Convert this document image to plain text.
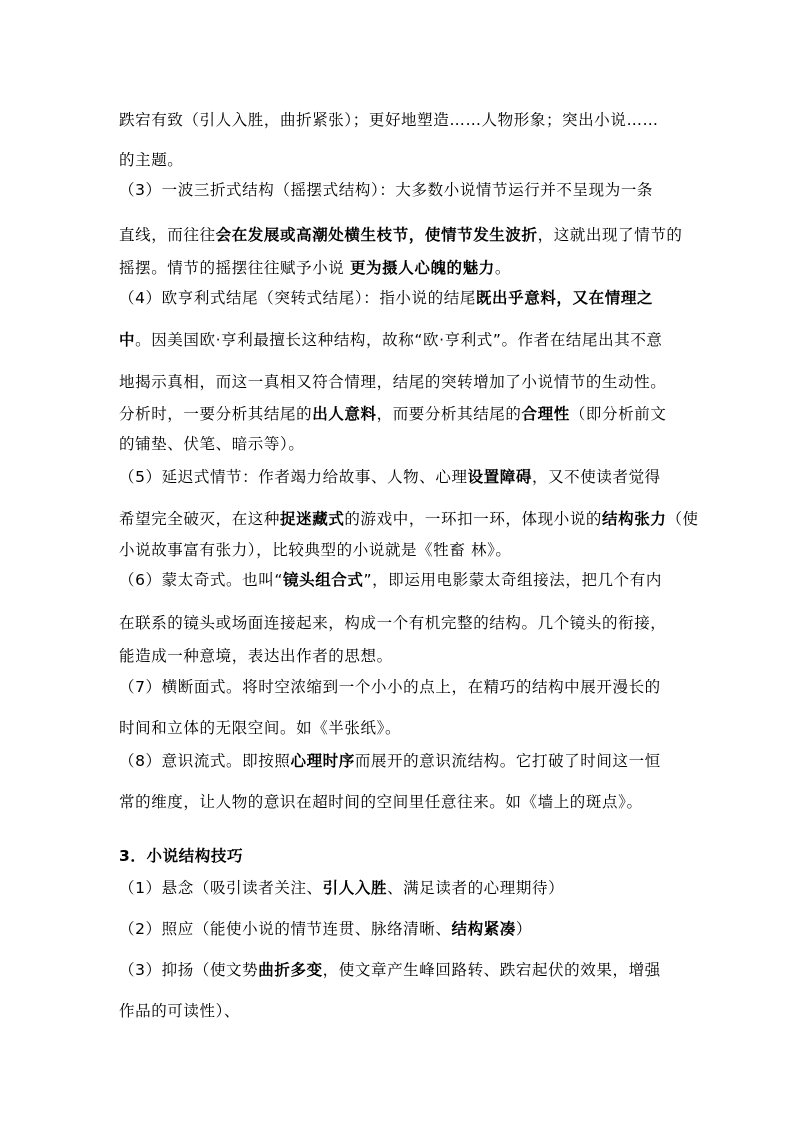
跌宕有致（引人入胜，曲折紧张）；更好地塑造……人物形象；突出小说……
的主题。
（3）一波三折式结构（摇摆式结构）：大多数小说情节运行并不呈现为一条
直线，而往往会在发展或高潮处横生枝节，使情节发生波折，这就出现了情节的
摇摆。情节的摇摆往往赋予小说 更为摄人心魄的魅力。
（4）欧亨利式结尾（突转式结尾）：指小说的结尾既出乎意料，又在情理之
中。因美国欧·亨利最擅长这种结构，故称“欧·亨利式”。作者在结尾出其不意
地揭示真相，而这一真相又符合情理，结尾的突转增加了小说情节的生动性。
分析时，一要分析其结尾的出人意料，而要分析其结尾的合理性（即分析前文
的铺垫、伏笔、暗示等）。
（5）延迟式情节：作者竭力给故事、人物、心理设置障碍，又不使读者觉得
希望完全破灭，在这种捉迷藏式的游戏中，一环扣一环，体现小说的结构张力（使
小说故事富有张力），比较典型的小说就是《牲畜 林》。
（6）蒙太奇式。也叫“镜头组合式”，即运用电影蒙太奇组接法，把几个有内
在联系的镜头或场面连接起来，构成一个有机完整的结构。几个镜头的衔接，
能造成一种意境，表达出作者的思想。
（7）横断面式。将时空浓缩到一个小小的点上，在精巧的结构中展开漫长的
时间和立体的无限空间。如《半张纸》。
（8）意识流式。即按照心理时序而展开的意识流结构。它打破了时间这一恒
常的维度，让人物的意识在超时间的空间里任意往来。如《墙上的斑点》。
3．小说结构技巧
（1）悬念（吸引读者关注、引人入胜、满足读者的心理期待）
（2）照应（能使小说的情节连贯、脉络清晰、结构紧凑）
（3）抑扬（使文势曲折多变，使文章产生峰回路转、跌宕起伏的效果，增强
作品的可读性）、
